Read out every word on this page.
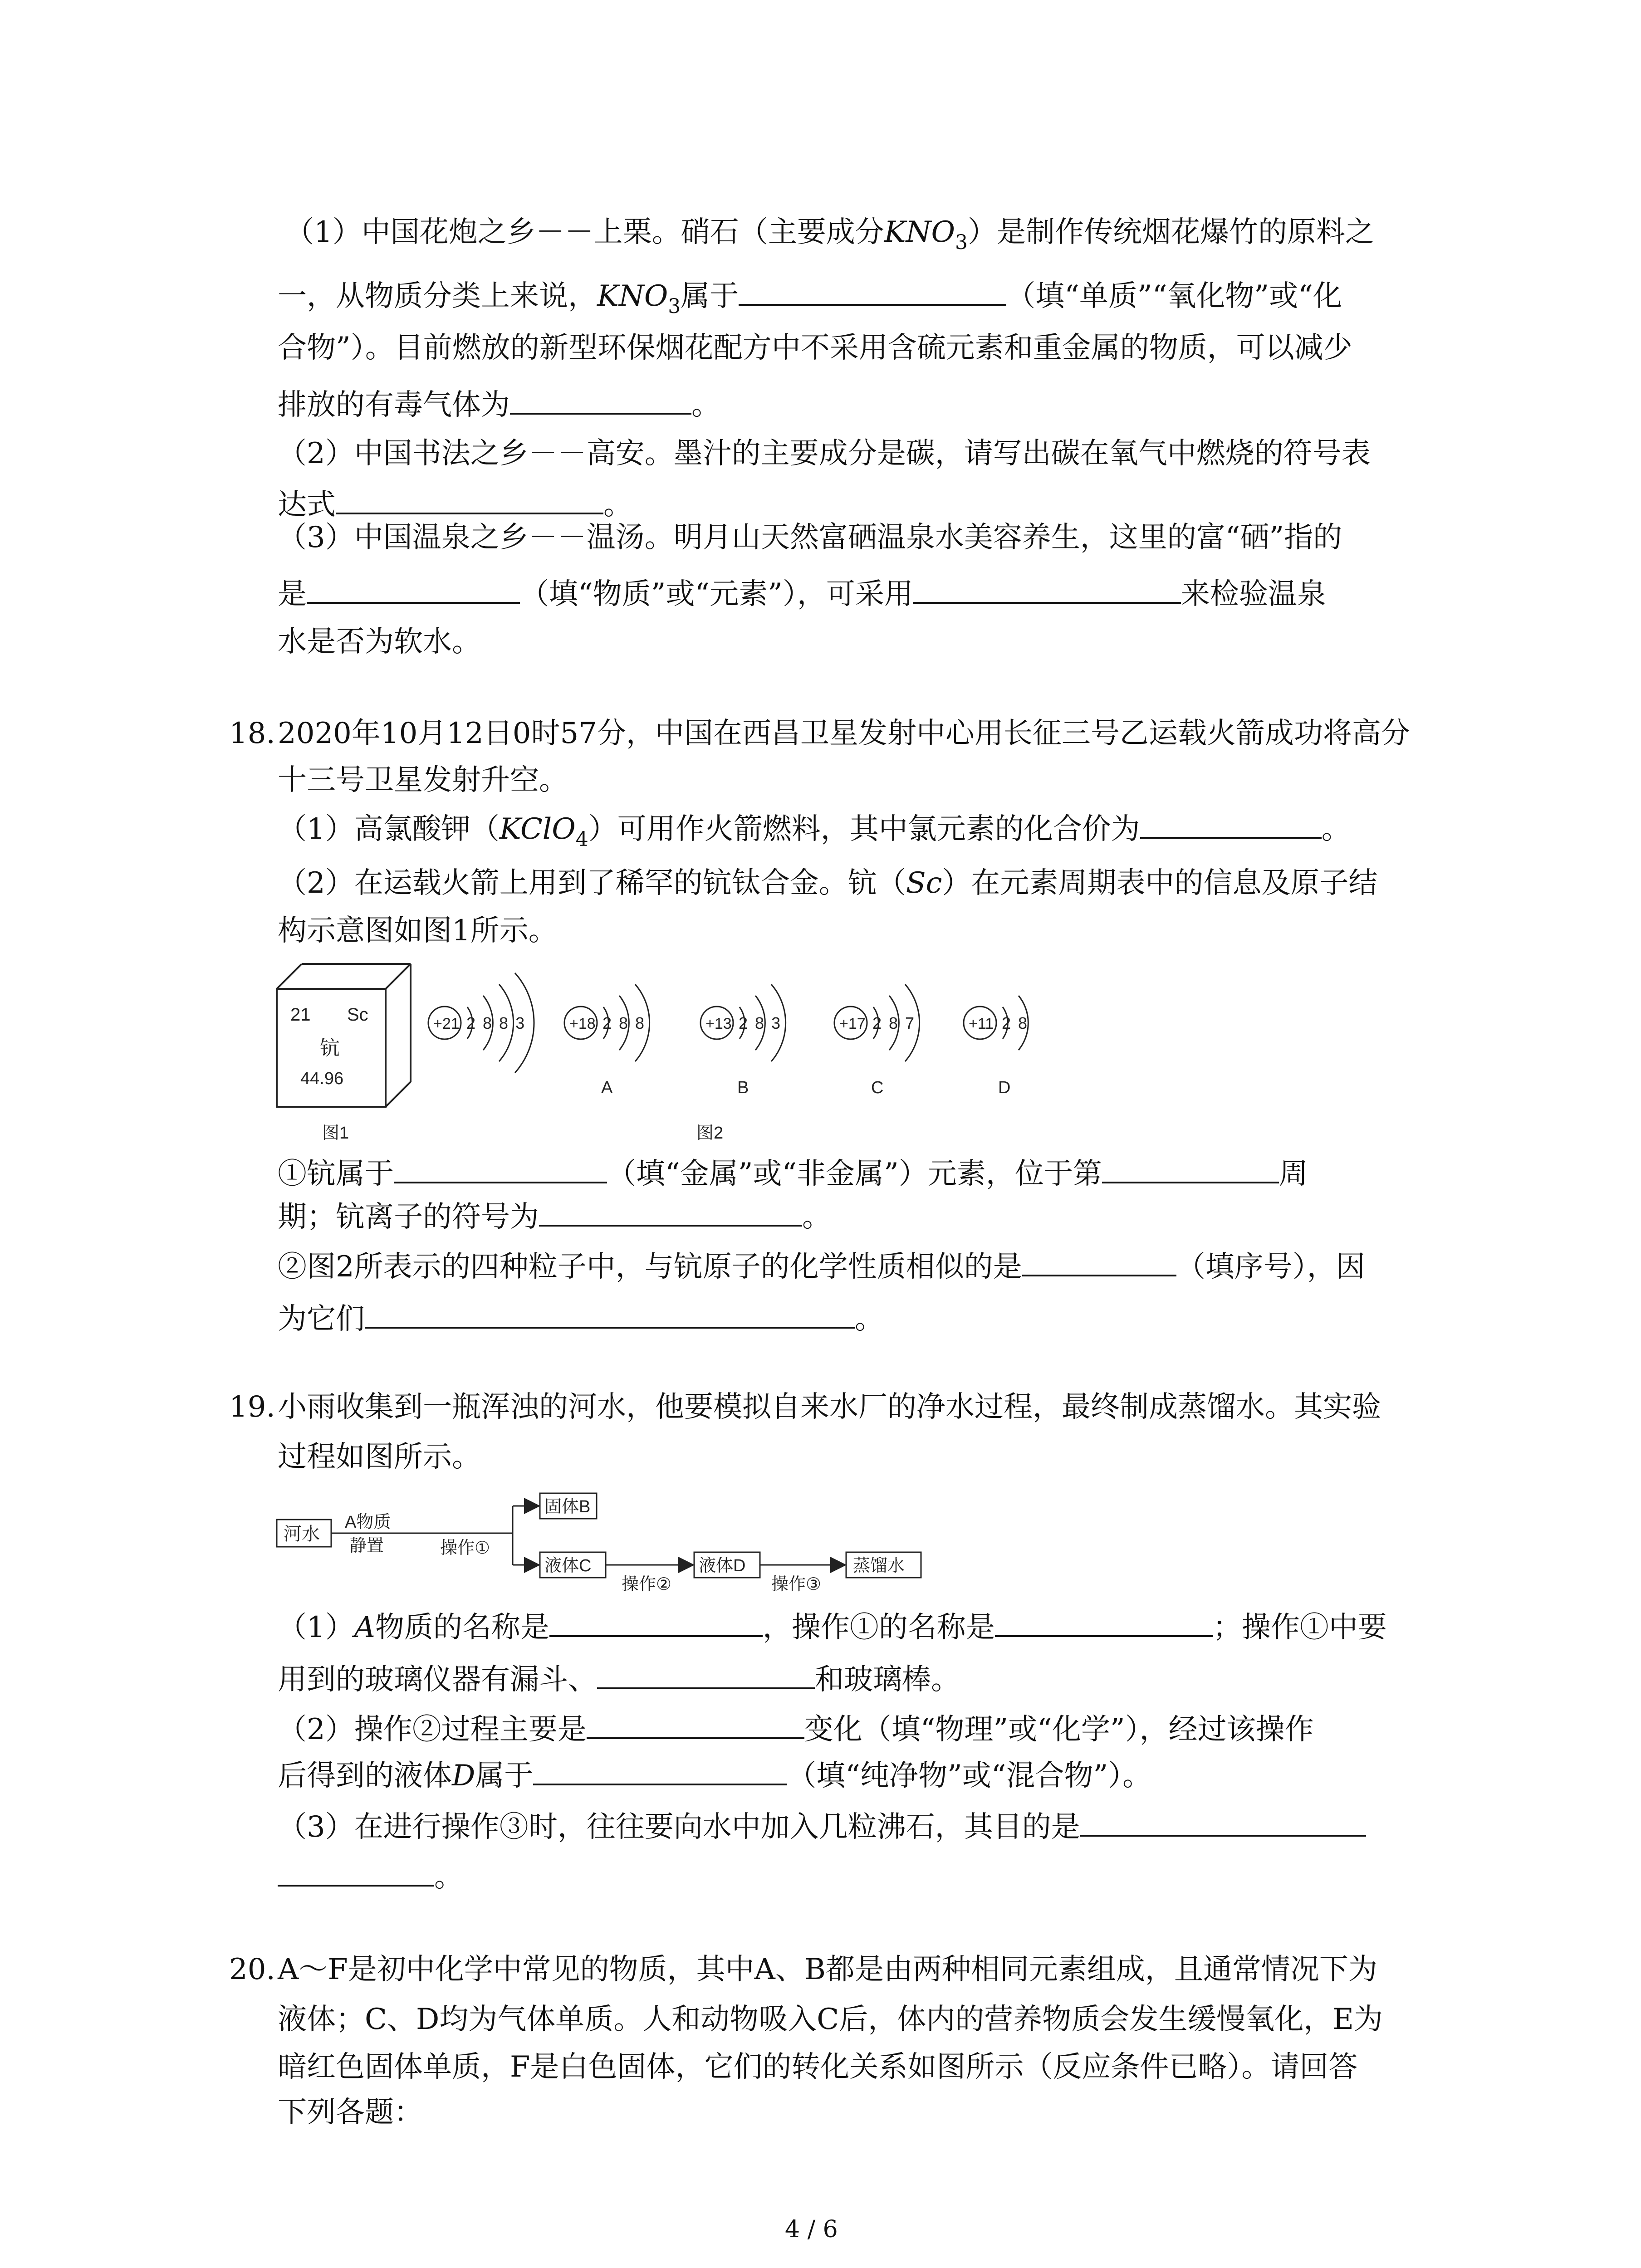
（1）中国花炮之乡－－上栗。硝石（主要成分$KNO_3$）是制作传统烟花爆竹的原料之
一，从物质分类上来说，$KNO_3$属于	（填“单质”“氧化物”或“化
合物”）。目前燃放的新型环保烟花配方中不采用含硫元素和重金属的物质，可以减少
排放的有毒气体为	。
（2）中国书法之乡－－高安。墨汁的主要成分是碳，请写出碳在氧气中燃烧的符号表
达式	。
（3）中国温泉之乡－－温汤。明月山天然富硒温泉水美容养生，这里的富“硒”指的
是	（填“物质”或“元素”），可采用	来检验温泉
水是否为软水。
18. 2020年10月12日0时57分，中国在西昌卫星发射中心用长征三号乙运载火箭成功将高分
十三号卫星发射升空。
（1）高氯酸钾（KClO$_4$）可用作火箭燃料，其中氯元素的化合价为	。
（2）在运载火箭上用到了稀罕的钪钛合金。钪（Sc）在元素周期表中的信息及原子结
构示意图如图1所示。
21 Sc
钪
44.96
+21 2 8 8 3	+18 2 8 8
A
+13 2 8 3
B
+17 2 8 7
C
+11 2 8
D
图1	图2
①钪属于	（填“金属”或“非金属”）元素，位于第	周
期；钪离子的符号为	。
②图2所表示的四种粒子中，与钪原子的化学性质相似的是	（填序号），因
为它们	。
19. 小雨收集到一瓶浑浊的河水，他要模拟自来水厂的净水过程，最终制成蒸馏水。其实验
过程如图所示。
河水
A物质
静置	操作①
固体B
液体C
操作②
液体D
操作③
蒸馏水
（1）A物质的名称是	，操作①的名称是	；操作①中要
用到的玻璃仪器有漏斗、	和玻璃棒。
（2）操作②过程主要是	变化（填“物理”或“化学”），经过该操作
后得到的液体D属于	（填“纯净物”或“混合物”）。
（3）在进行操作③时，往往要向水中加入几粒沸石，其目的是
。
20. A～F是初中化学中常见的物质，其中A、B都是由两种相同元素组成，且通常情况下为
液体；C、D均为气体单质。人和动物吸入C后，体内的营养物质会发生缓慢氧化，E为
暗红色固体单质，F是白色固体，它们的转化关系如图所示（反应条件已略）。请回答
下列各题：
4 / 6
